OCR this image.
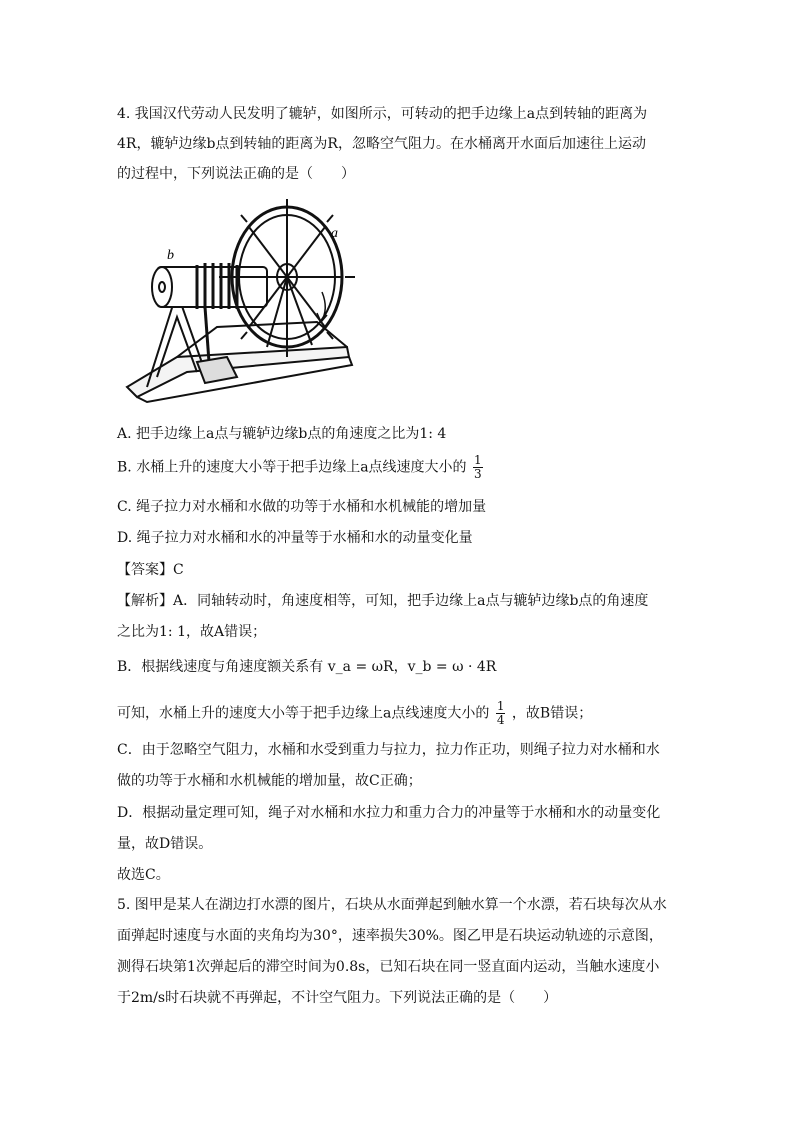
4. 我国汉代劳动人民发明了辘轳，如图所示，可转动的把手边缘上a点到转轴的距离为
4R，辘轳边缘b点到转轴的距离为R，忽略空气阻力。在水桶离开水面后加速往上运动
的过程中，下列说法正确的是（　　）
a
b
A. 把手边缘上a点与辘轳边缘b点的角速度之比为1: 4
B. 水桶上升的速度大小等于把手边缘上a点线速度大小的 $\frac{1}{3}$
C. 绳子拉力对水桶和水做的功等于水桶和水机械能的增加量
D. 绳子拉力对水桶和水的冲量等于水桶和水的动量变化量
【答案】C
【解析】A．同轴转动时，角速度相等，可知，把手边缘上a点与辘轳边缘b点的角速度
之比为1: 1，故A错误；
B．根据线速度与角速度额关系有 v_a = ωR，v_b = ω · 4R
可知，水桶上升的速度大小等于把手边缘上a点线速度大小的 $\frac{1}{4}$ ，故B错误；
C．由于忽略空气阻力，水桶和水受到重力与拉力，拉力作正功，则绳子拉力对水桶和水
做的功等于水桶和水机械能的增加量，故C正确；
D．根据动量定理可知，绳子对水桶和水拉力和重力合力的冲量等于水桶和水的动量变化
量，故D错误。
故选C。
5. 图甲是某人在湖边打水漂的图片，石块从水面弹起到触水算一个水漂，若石块每次从水
面弹起时速度与水面的夹角均为30°，速率损失30%。图乙甲是石块运动轨迹的示意图，
测得石块第1次弹起后的滞空时间为0.8s，已知石块在同一竖直面内运动，当触水速度小
于2m/s时石块就不再弹起，不计空气阻力。下列说法正确的是（　　）
